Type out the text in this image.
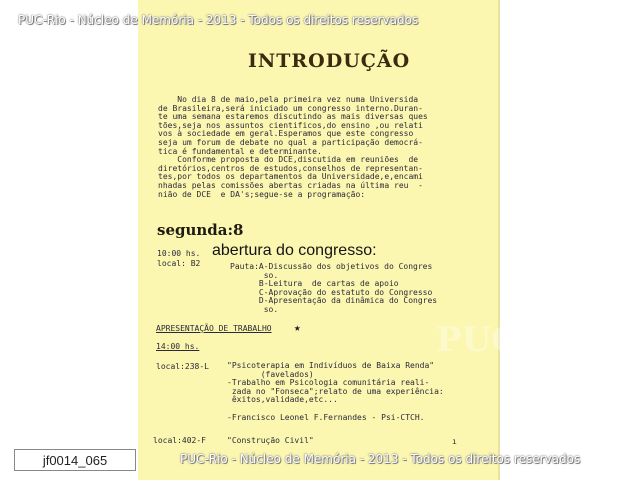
PUC
PUC-Rio - Núcleo de Memória - 2013 - Todos os direitos reservados
INTRODUÇÃO
No dia 8 de maio,pela primeira vez numa Universida
de Brasileira,será iniciado um congresso interno.Duran-
te uma semana estaremos discutindo as mais diversas ques
tões,seja nos assuntos cientificos,do ensino ,ou relati
vos à sociedade em geral.Esperamos que este congresso
seja um forum de debate no qual a participação democrá-
tica é fundamental e determinante.
Conforme proposta do DCE,discutida em reuniões  de
diretórios,centros de estudos,conselhos de representan-
tes,por todos os departamentos da Universidade,e,encami
nhadas pelas comissões abertas criadas na última reu  -
nião de DCE  e DA's;segue-se a programação:
segunda:8
10:00 hs. abertura do congresso:
local: B2	Pauta:A-Discussão dos objetivos do Congres
so.
B-Leitura  de cartas de apoio
C-Aprovação do estatuto do Congresso
D-Apresentação da dinâmica do Congres
so.
APRESENTAÇÃO DE TRABALHO ★
14:00 hs.
local:238-L "Psicoterapia em Indivíduos de Baixa Renda"
(favelados)
-Trabalho em Psicologia comunitária reali-
zada no "Fonseca";relato de uma experiência:
êxitos,validade,etc...

-Francisco Leonel F.Fernandes - Psi-CTCH.
local:402-F	"Construção Civil"	ı
jf0014_065	PUC-Rio - Núcleo de Memória - 2013 - Todos os direitos reservados
